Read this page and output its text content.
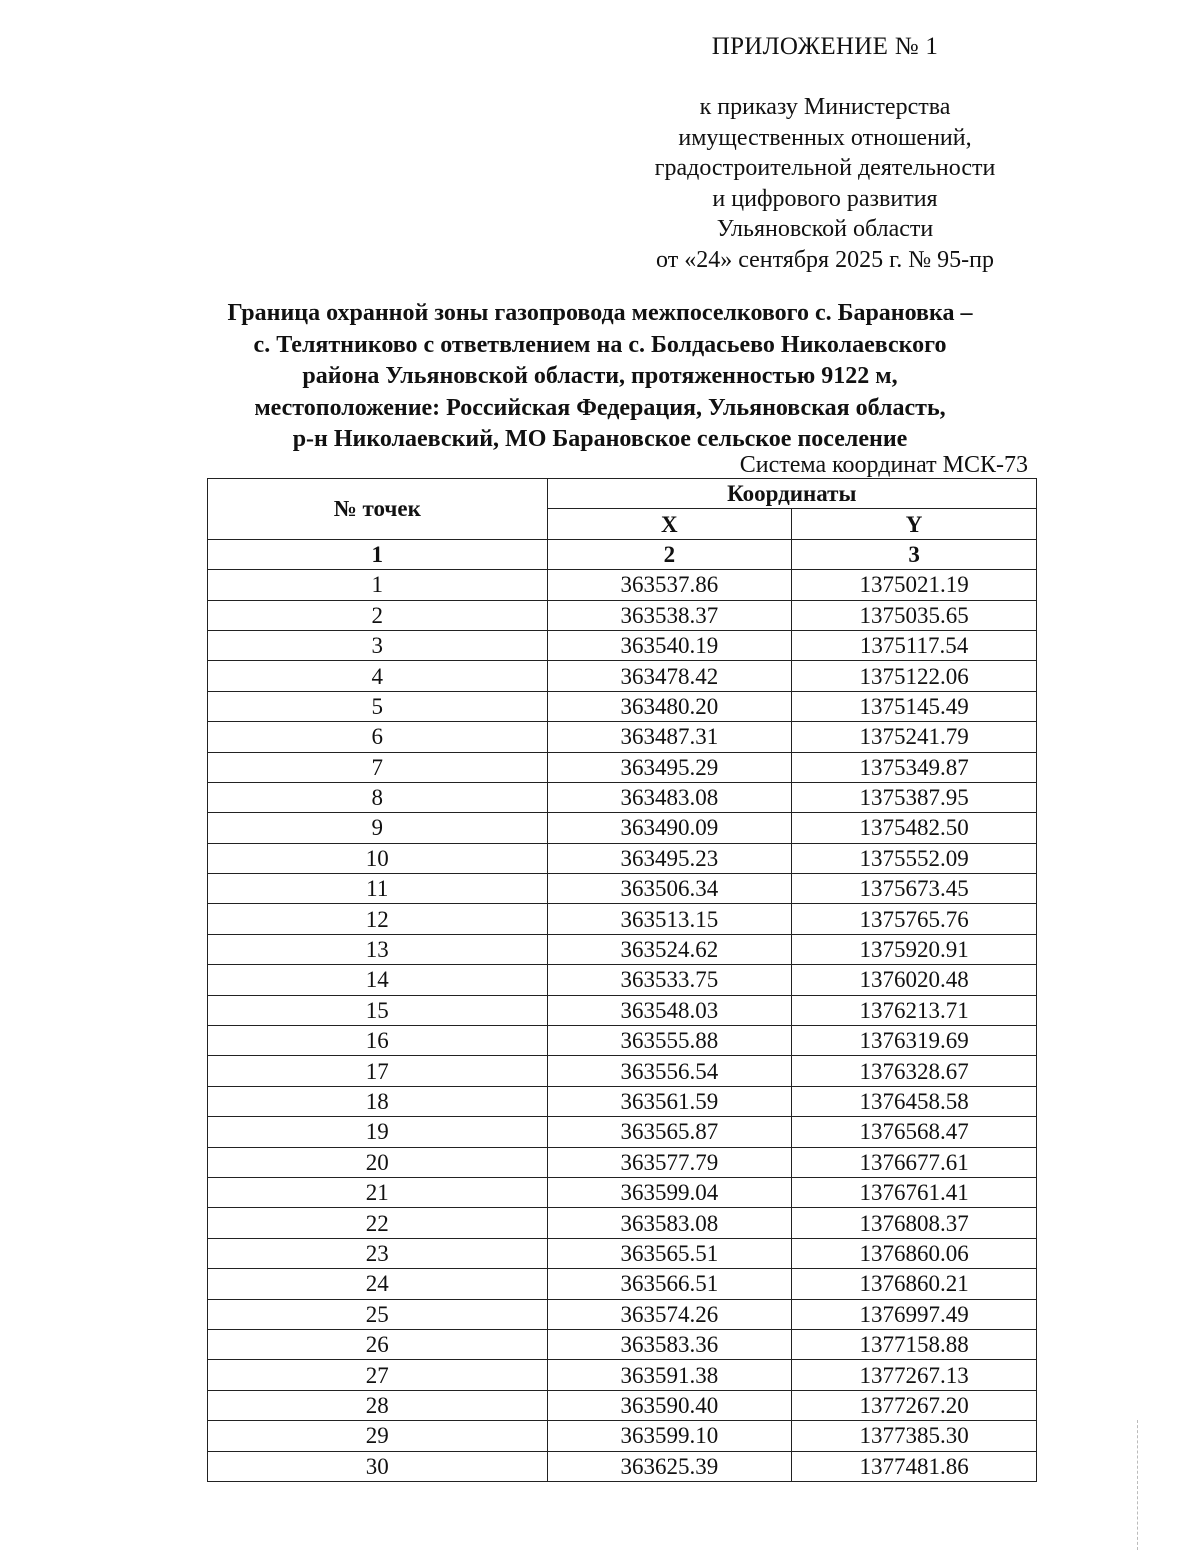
ПРИЛОЖЕНИЕ № 1
к приказу Министерства
имущественных отношений,
градостроительной деятельности
и цифрового развития
Ульяновской области
от «24» сентября 2025 г. № 95-пр
Граница охранной зоны газопровода межпоселкового с. Барановка –
с. Телятниково с ответвлением на с. Болдасьево Николаевского
района Ульяновской области, протяженностью 9122 м,
местоположение: Российская Федерация, Ульяновская область,
р-н Николаевский, МО Барановское сельское поселение
Система координат МСК-73
№ точек	Координаты	
	X	Y
1	2	3
1	363537.86	1375021.19
2	363538.37	1375035.65
3	363540.19	1375117.54
4	363478.42	1375122.06
5	363480.20	1375145.49
6	363487.31	1375241.79
7	363495.29	1375349.87
8	363483.08	1375387.95
9	363490.09	1375482.50
10	363495.23	1375552.09
11	363506.34	1375673.45
12	363513.15	1375765.76
13	363524.62	1375920.91
14	363533.75	1376020.48
15	363548.03	1376213.71
16	363555.88	1376319.69
17	363556.54	1376328.67
18	363561.59	1376458.58
19	363565.87	1376568.47
20	363577.79	1376677.61
21	363599.04	1376761.41
22	363583.08	1376808.37
23	363565.51	1376860.06
24	363566.51	1376860.21
25	363574.26	1376997.49
26	363583.36	1377158.88
27	363591.38	1377267.13
28	363590.40	1377267.20
29	363599.10	1377385.30
30	363625.39	1377481.86
